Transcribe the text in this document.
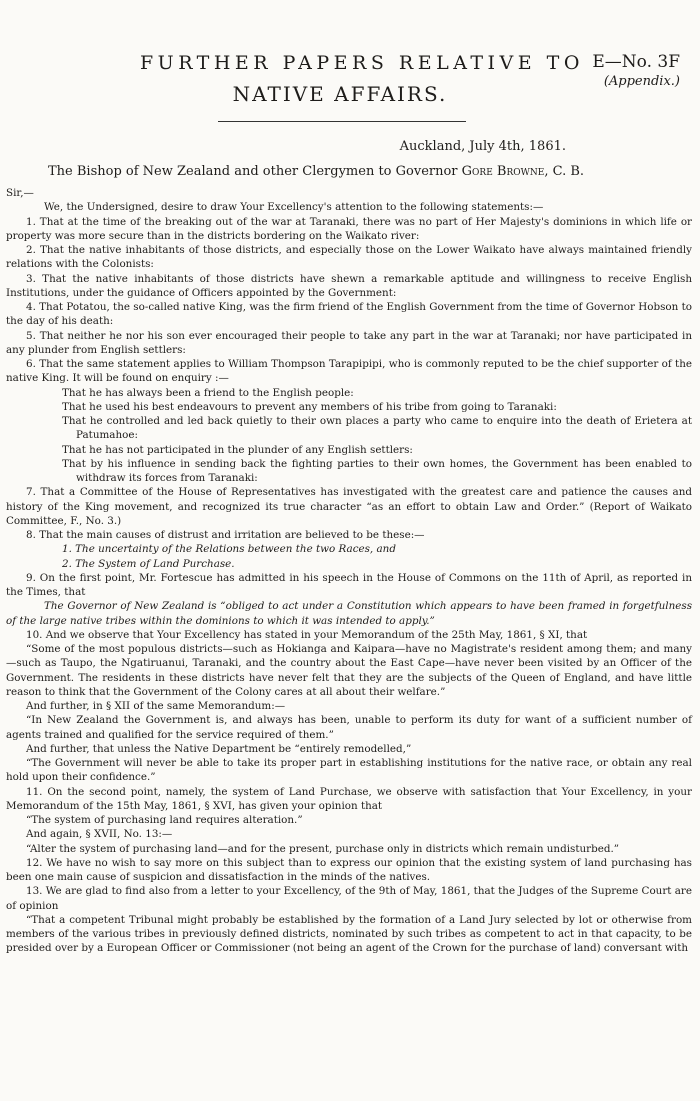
FURTHER PAPERS RELATIVE TO
NATIVE AFFAIRS.
E—No. 3F
(Appendix.)
Auckland, July 4th, 1861.
The Bishop of New Zealand and other Clergymen to Governor Gore Browne, C. B.

Sir,—

We, the Undersigned, desire to draw Your Excellency's attention to the following statements:—

1. That at the time of the breaking out of the war at Taranaki, there was no part of Her Majesty's dominions in which life or property was more secure than in the districts bordering on the Waikato river:

2. That the native inhabitants of those districts, and especially those on the Lower Waikato have always maintained friendly relations with the Colonists:

3. That the native inhabitants of those districts have shewn a remarkable aptitude and willingness to receive English Institutions, under the guidance of Officers appointed by the Government:

4. That Potatou, the so-called native King, was the firm friend of the English Government from the time of Governor Hobson to the day of his death:

5. That neither he nor his son ever encouraged their people to take any part in the war at Taranaki; nor have participated in any plunder from English settlers:

6. That the same statement applies to William Thompson Tarapipipi, who is commonly reputed to be the chief supporter of the native King. It will be found on enquiry :—

That he has always been a friend to the English people:

That he used his best endeavours to prevent any members of his tribe from going to Taranaki:

That he controlled and led back quietly to their own places a party who came to enquire into the death of Erietera at Patumahoe:

That he has not participated in the plunder of any English settlers:

That by his influence in sending back the fighting parties to their own homes, the Government has been enabled to withdraw its forces from Taranaki:

7. That a Committee of the House of Representatives has investigated with the greatest care and patience the causes and history of the King movement, and recognized its true character “as an effort to obtain Law and Order.” (Report of Waikato Committee, F., No. 3.)

8. That the main causes of distrust and irritation are believed to be these:—

1. The uncertainty of the Relations between the two Races, and

2. The System of Land Purchase.

9. On the first point, Mr. Fortescue has admitted in his speech in the House of Commons on the 11th of April, as reported in the Times, that

The Governor of New Zealand is “obliged to act under a Constitution which appears to have been framed in forgetfulness of the large native tribes within the dominions to which it was intended to apply.”

10. And we observe that Your Excellency has stated in your Memorandum of the 25th May, 1861, § XI, that

“Some of the most populous districts—such as Hokianga and Kaipara—have no Magistrate's resident among them; and many—such as Taupo, the Ngatiruanui, Taranaki, and the country about the East Cape—have never been visited by an Officer of the Government. The residents in these districts have never felt that they are the subjects of the Queen of England, and have little reason to think that the Government of the Colony cares at all about their welfare.”

And further, in § XII of the same Memorandum:—

“In New Zealand the Government is, and always has been, unable to perform its duty for want of a sufficient number of agents trained and qualified for the service required of them.”

And further, that unless the Native Department be “entirely remodelled,”

“The Government will never be able to take its proper part in establishing institutions for the native race, or obtain any real hold upon their confidence.”

11. On the second point, namely, the system of Land Purchase, we observe with satisfaction that Your Excellency, in your Memorandum of the 15th May, 1861, § XVI, has given your opinion that

“The system of purchasing land requires alteration.”

And again, § XVII, No. 13:—

“Alter the system of purchasing land—and for the present, purchase only in districts which remain undisturbed.”

12. We have no wish to say more on this subject than to express our opinion that the existing system of land purchasing has been one main cause of suspicion and dissatisfaction in the minds of the natives.

13. We are glad to find also from a letter to your Excellency, of the 9th of May, 1861, that the Judges of the Supreme Court are of opinion

“That a competent Tribunal might probably be established by the formation of a Land Jury selected by lot or otherwise from members of the various tribes in previously defined districts, nominated by such tribes as competent to act in that capacity, to be presided over by a European Officer or Commissioner (not being an agent of the Crown for the purchase of land) conversant with
